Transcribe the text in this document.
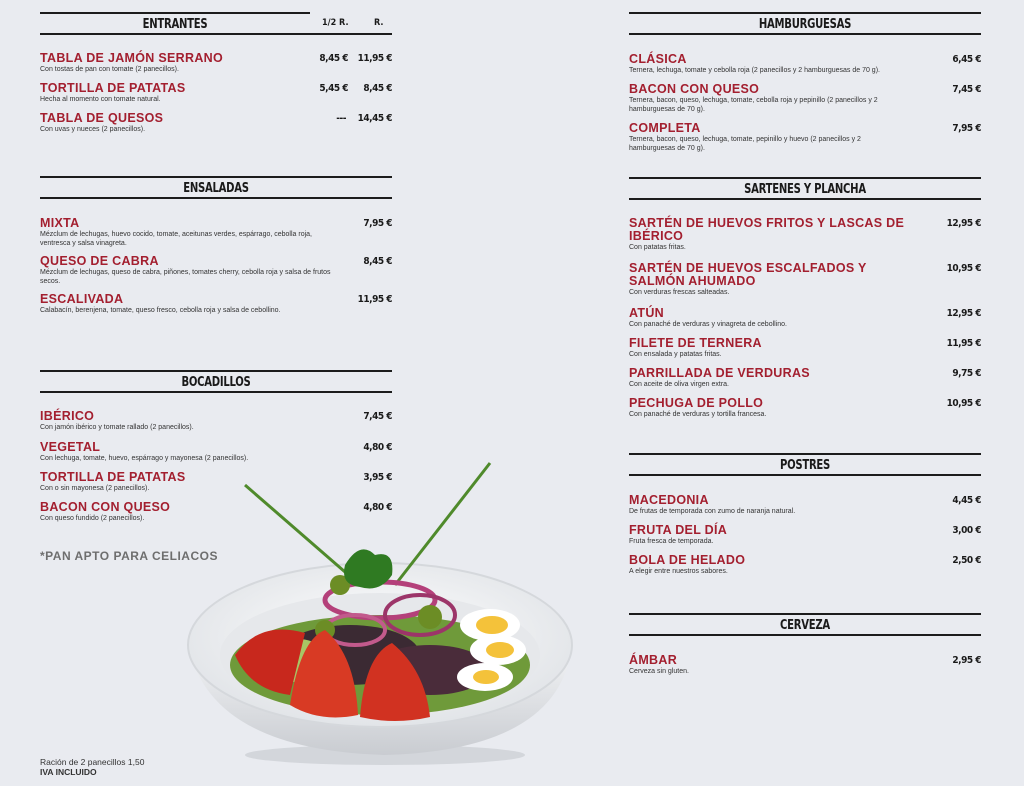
ENTRANTES	1/2 R.	R.
TABLA DE JAMÓN SERRANO
Con tostas de pan con tomate (2 panecillos).
8,45 € 11,95 €
TORTILLA DE PATATAS
Hecha al momento con tomate natural.
5,45 € 8,45 €
TABLA DE QUESOS
Con uvas y nueces (2 panecillos).
--- 14,45 €
ENSALADAS
MIXTA
Mézclum de lechugas, huevo cocido, tomate, aceitunas verdes, espárrago, cebolla roja, ventresca y salsa vinagreta.
7,95 €
QUESO DE CABRA
Mézclum de lechugas, queso de cabra, piñones, tomates cherry, cebolla roja y salsa de frutos secos.
8,45 €
ESCALIVADA
Calabacín, berenjena, tomate, queso fresco, cebolla roja y salsa de cebollino.
11,95 €
BOCADILLOS
IBÉRICO
Con jamón ibérico y tomate rallado (2 panecillos).
7,45 €
VEGETAL
Con lechuga, tomate, huevo, espárrago y mayonesa (2 panecillos).
4,80 €
TORTILLA DE PATATAS
Con o sin mayonesa (2 panecillos).
3,95 €
BACON CON QUESO
Con queso fundido (2 panecillos).
4,80 €
*PAN APTO PARA CELIACOS
Ración de 2 panecillos 1,50
IVA INCLUIDO
HAMBURGUESAS
CLÁSICA
Ternera, lechuga, tomate y cebolla roja (2 panecillos y 2 hamburguesas de 70 g).
6,45 €
BACON CON QUESO
Ternera, bacon, queso, lechuga, tomate, cebolla roja y pepinillo (2 panecillos y 2 hamburguesas de 70 g).
7,45 €
COMPLETA
Ternera, bacon, queso, lechuga, tomate, pepinillo y huevo (2 panecillos y 2 hamburguesas de 70 g).
7,95 €
SARTENES Y PLANCHA
SARTÉN DE HUEVOS FRITOS Y LASCAS DE IBÉRICO
Con patatas fritas.
12,95 €
SARTÉN DE HUEVOS ESCALFADOS Y SALMÓN AHUMADO
Con verduras frescas salteadas.
10,95 €
ATÚN
Con panaché de verduras y vinagreta de cebollino.
12,95 €
FILETE DE TERNERA
Con ensalada y patatas fritas.
11,95 €
PARRILLADA DE VERDURAS
Con aceite de oliva virgen extra.
9,75 €
PECHUGA DE POLLO
Con panaché de verduras y tortilla francesa.
10,95 €
POSTRES
MACEDONIA
De frutas de temporada con zumo de naranja natural.
4,45 €
FRUTA DEL DÍA
Fruta fresca de temporada.
3,00 €
BOLA DE HELADO
A elegir entre nuestros sabores.
2,50 €
CERVEZA
ÁMBAR
Cerveza sin gluten.
2,95 €
